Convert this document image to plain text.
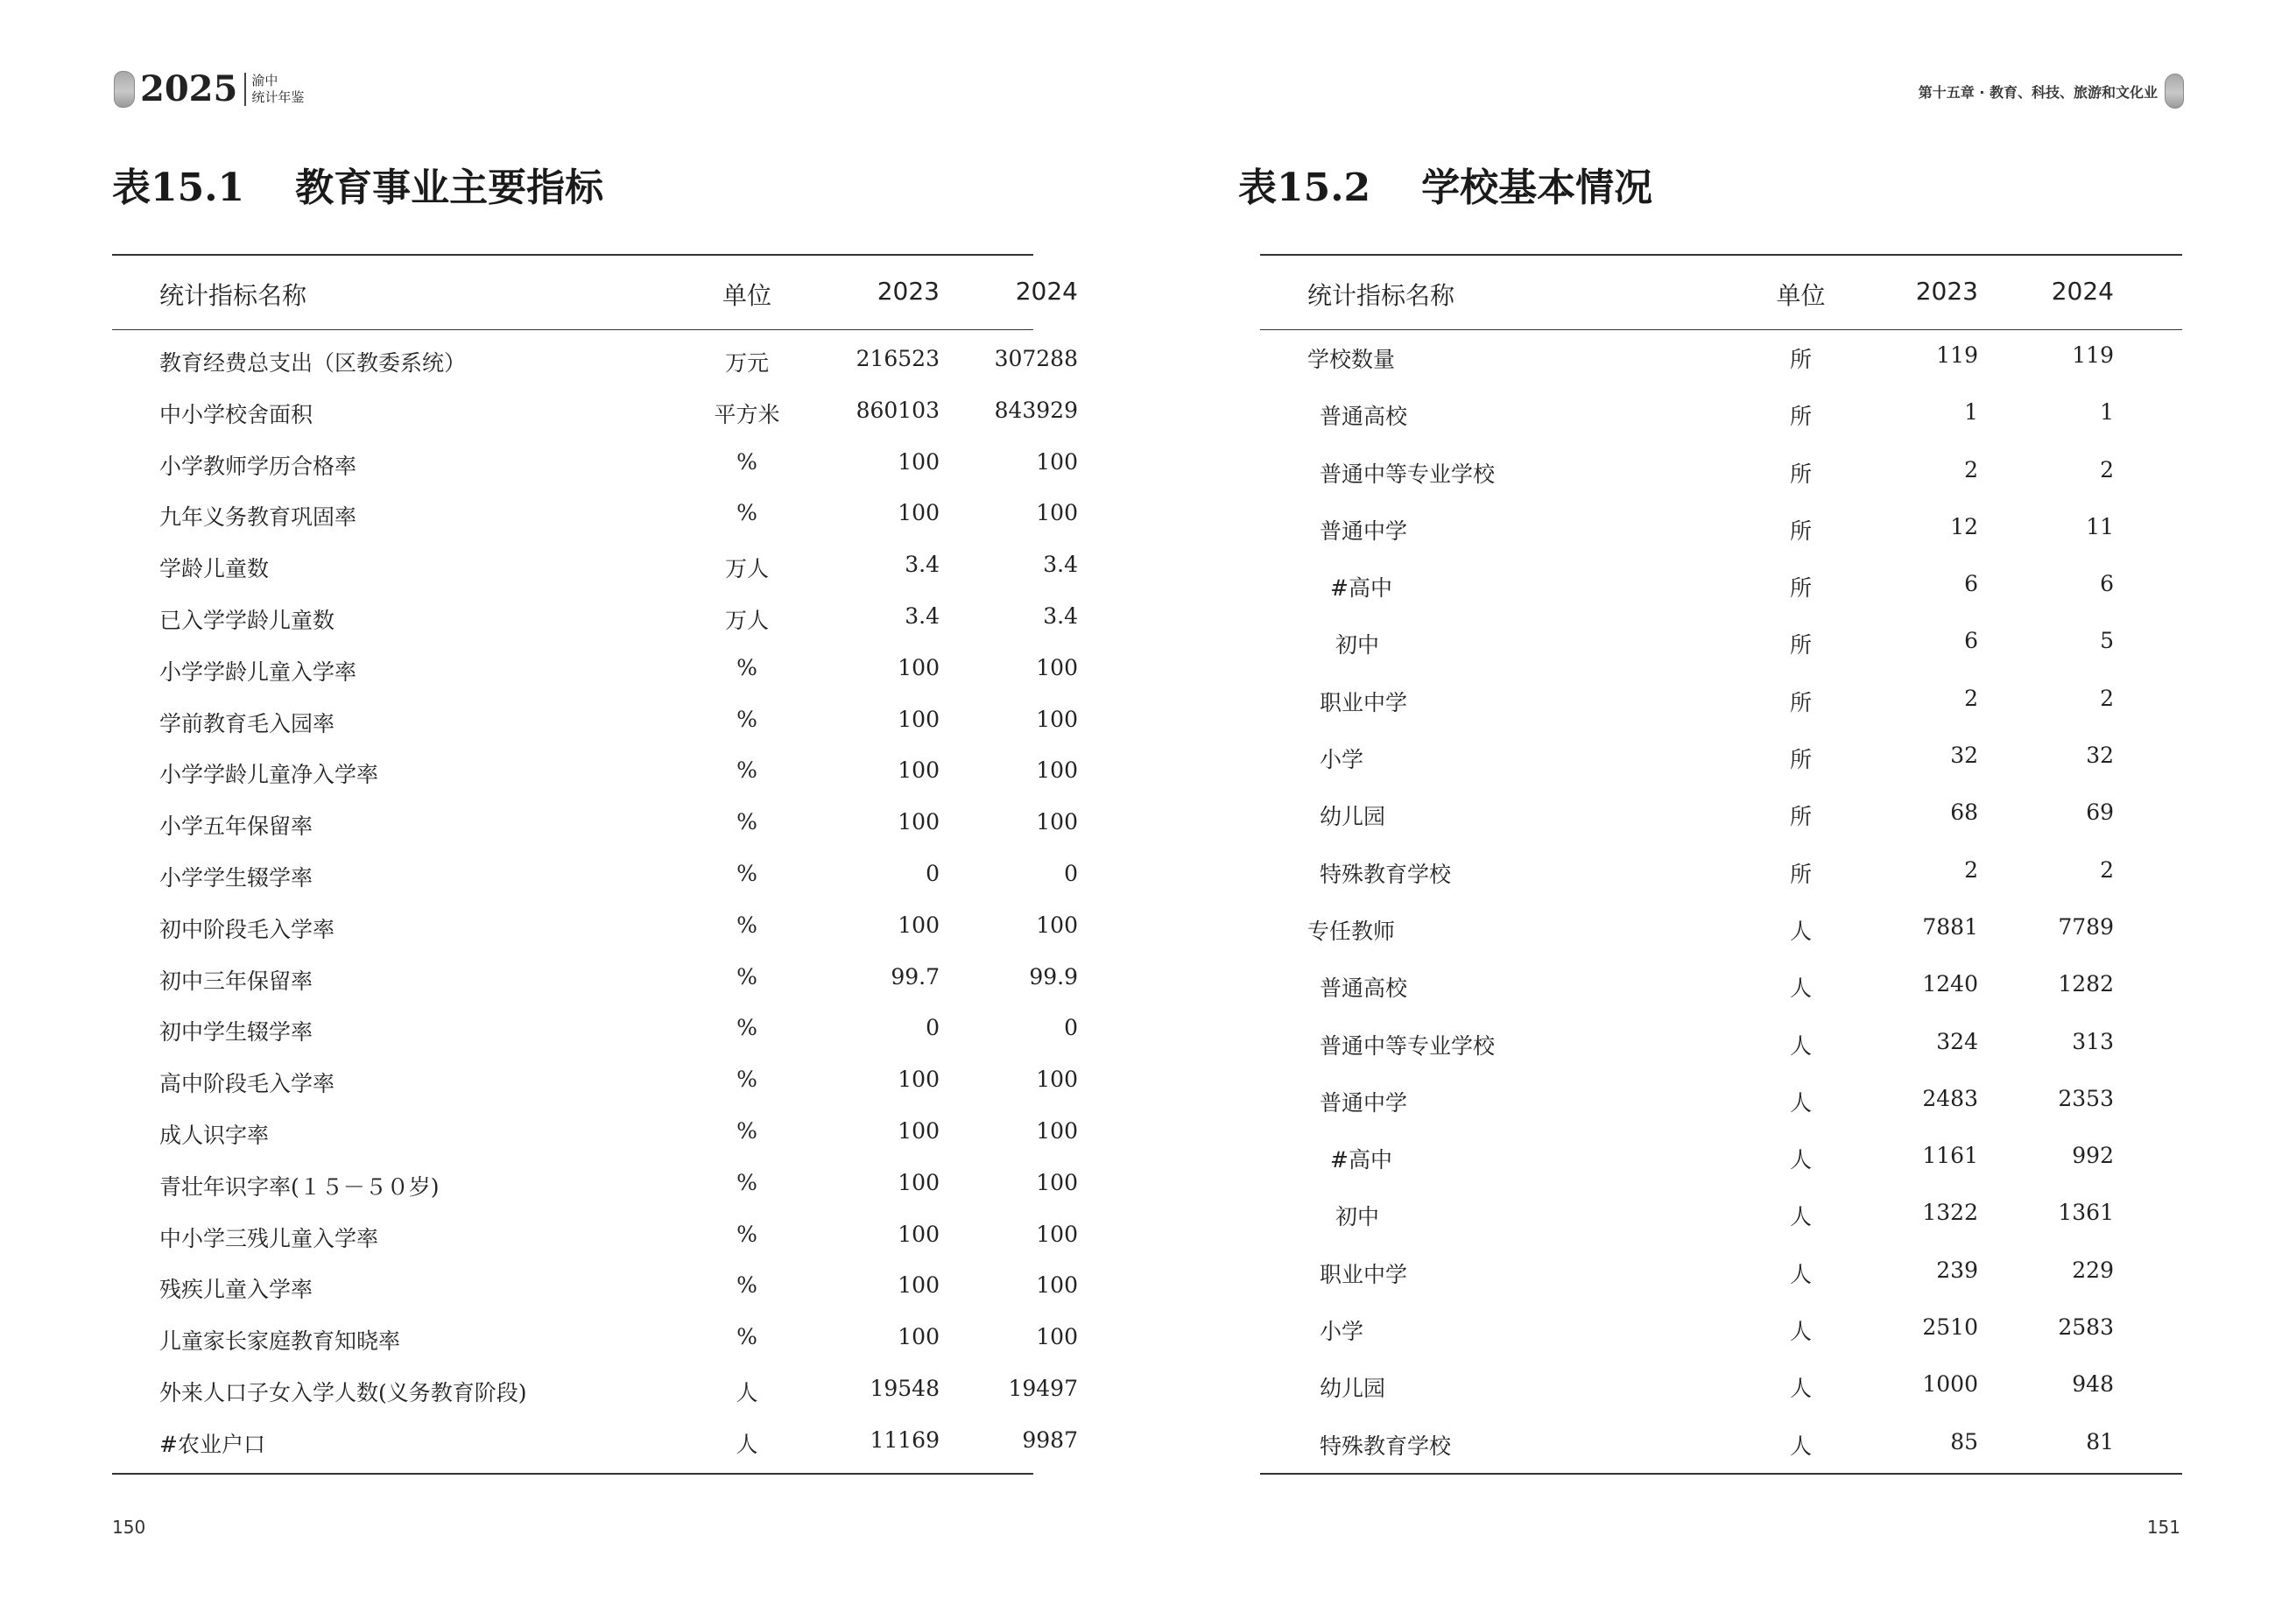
2025 渝中
统计年鉴
表15.1 教育事业主要指标
统计指标名称	单位	2023	2024
教育经费总支出（区教委系统）	万元	216523	307288
中小学校舍面积	平方米	860103	843929
小学教师学历合格率	%	100	100
九年义务教育巩固率	%	100	100
学龄儿童数	万人	3.4	3.4
已入学学龄儿童数	万人	3.4	3.4
小学学龄儿童入学率	%	100	100
学前教育毛入园率	%	100	100
小学学龄儿童净入学率	%	100	100
小学五年保留率	%	100	100
小学学生辍学率	%	0	0
初中阶段毛入学率	%	100	100
初中三年保留率	%	99.7	99.9
初中学生辍学率	%	0	0
高中阶段毛入学率	%	100	100
成人识字率	%	100	100
青壮年识字率(１５－５０岁)	%	100	100
中小学三残儿童入学率	%	100	100
残疾儿童入学率	%	100	100
儿童家长家庭教育知晓率	%	100	100
外来人口子女入学人数(义务教育阶段)	人	19548	19497
#农业户口	人	11169	9987
150
第十五章 · 教育、科技、旅游和文化业
表15.2 学校基本情况
151
统计指标名称	单位	2023	2024
学校数量	所	119	119
普通高校	所	1	1
普通中等专业学校	所	2	2
普通中学	所	12	11
#高中	所	6	6
初中	所	6	5
职业中学	所	2	2
小学	所	32	32
幼儿园	所	68	69
特殊教育学校	所	2	2
专任教师	人	7881	7789
普通高校	人	1240	1282
普通中等专业学校	人	324	313
普通中学	人	2483	2353
#高中	人	1161	992
初中	人	1322	1361
职业中学	人	239	229
小学	人	2510	2583
幼儿园	人	1000	948
特殊教育学校	人	85	81
